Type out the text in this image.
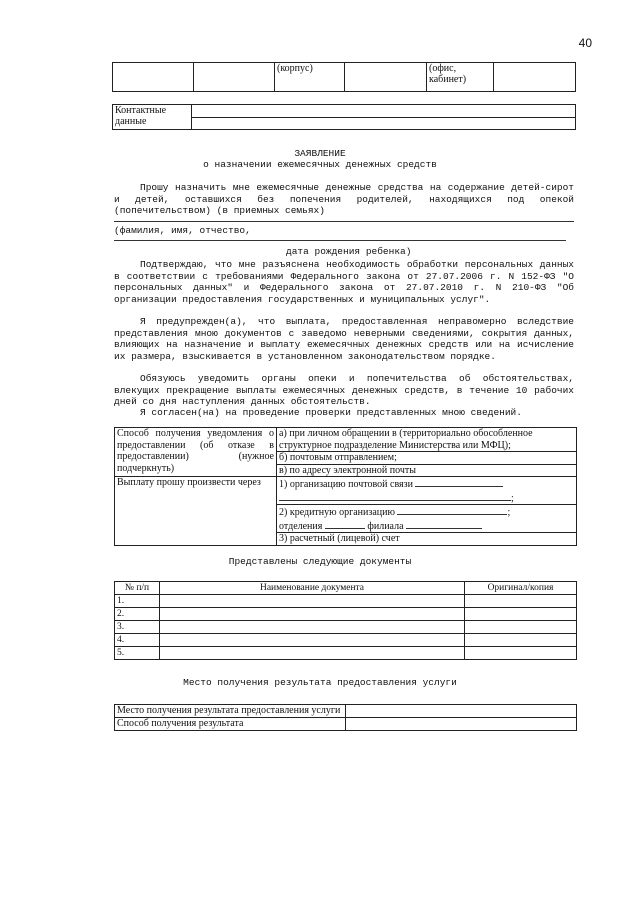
40
		(корпус)		(офис, кабинет)	
Контактные данные	

ЗАЯВЛЕНИЕ
о назначении ежемесячных денежных средств
Прошу назначить мне ежемесячные денежные средства на содержание детей-сирот и детей, оставшихся без попечения родителей, находящихся под опекой (попечительством) (в приемных семьях)
(фамилия, имя, отчество,
дата рождения ребенка)
Подтверждаю, что мне разъяснена необходимость обработки персональных данных в соответствии с требованиями Федерального закона от 27.07.2006 г. N 152-ФЗ "О персональных данных" и Федерального закона от 27.07.2010 г. N 210-ФЗ "Об организации предоставления государственных и муниципальных услуг".
Я предупрежден(а), что выплата, предоставленная неправомерно вследствие представления мною документов с заведомо неверными сведениями, сокрытия данных, влияющих на назначение и выплату ежемесячных денежных средств или на исчисление их размера, взыскивается в установленном законодательством порядке.
Обязуюсь уведомить органы опеки и попечительства об обстоятельствах, влекущих прекращение выплаты ежемесячных денежных средств, в течение 10 рабочих дней со дня наступления данных обстоятельств.
Я согласен(на) на проведение проверки представленных мною сведений.
Способ получения уведомления о предоставлении (об отказе в предоставлении) (нужное подчеркнуть)	а) при личном обращении в (территориально обособленное структурное подразделение Министерства или МФЦ);
б) почтовым отправлением;
в) по адресу электронной почты

Выплату прошу произвести через	1) организацию почтовой связи
;
2) кредитную организацию ;
отделения филиала
3) расчетный (лицевой) счет
Представлены следующие документы
№ п/п	Наименование документа	Оригинал/копия
1.		
2.		
3.		
4.		
5.		
Место получения результата предоставления услуги
Место получения результата предоставления услуги	
Способ получения результата	
